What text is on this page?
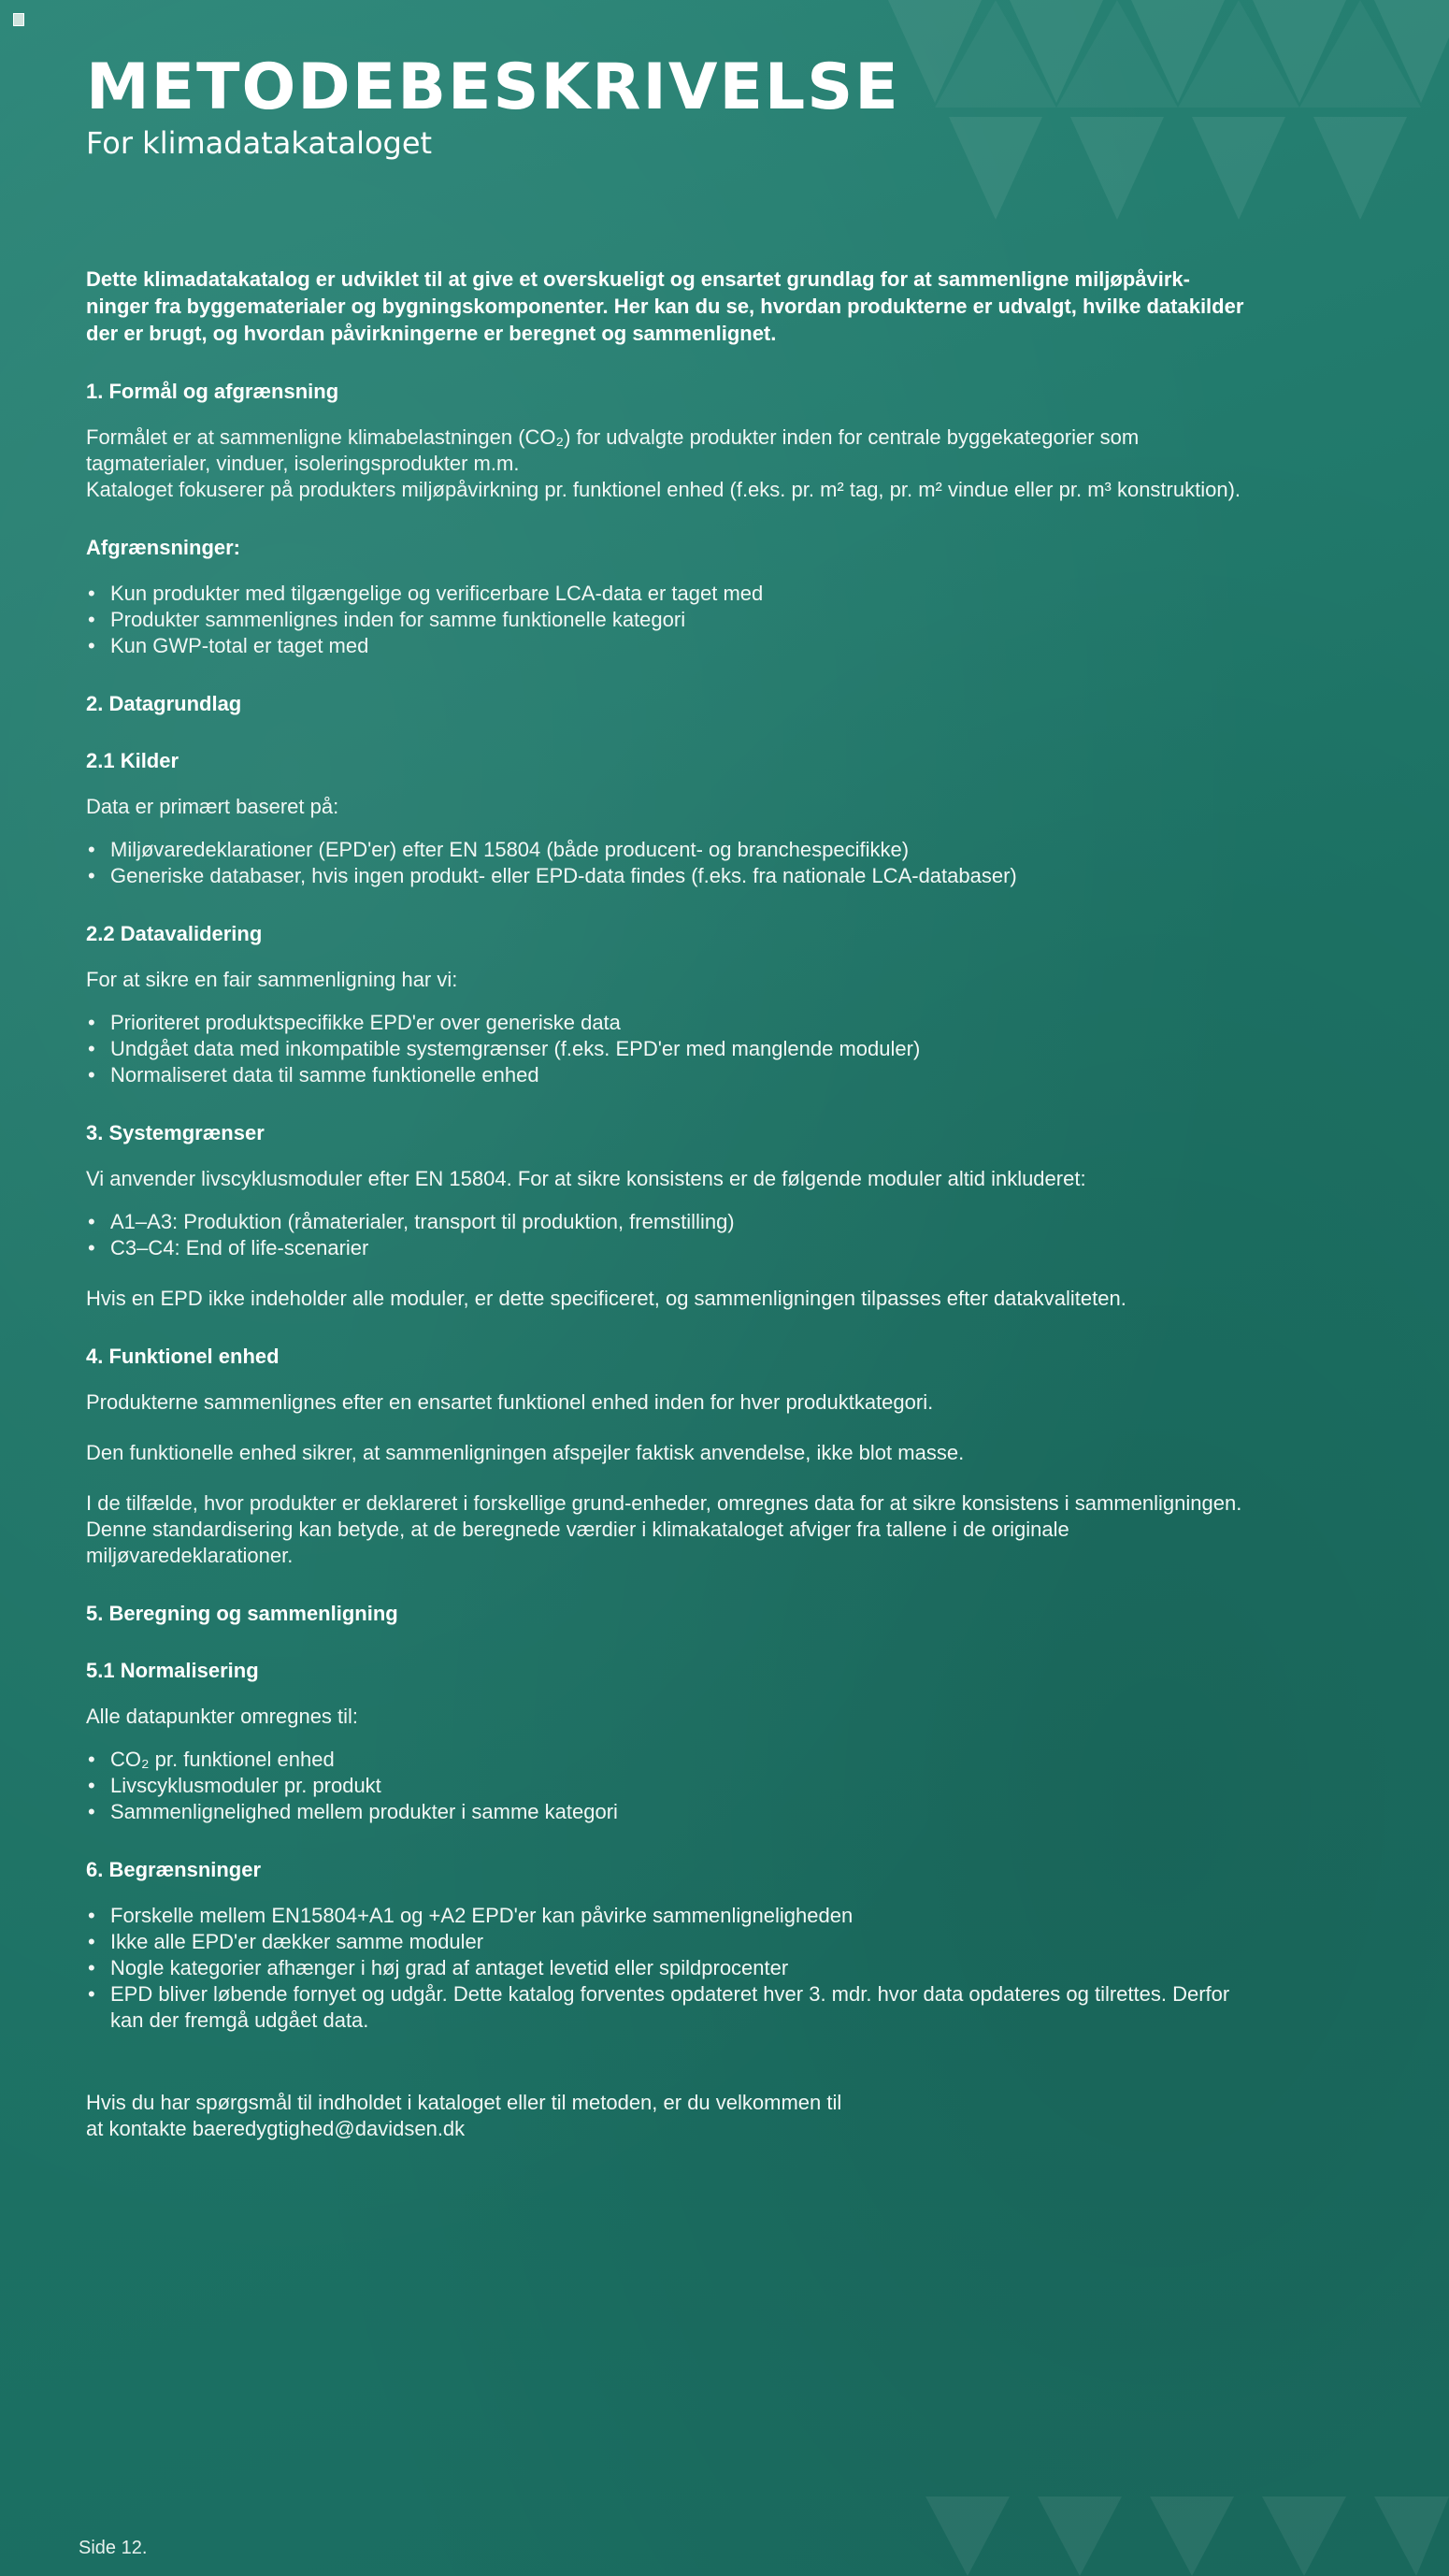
METODEBESKRIVELSE
For klimadatakataloget
Dette klimadatakatalog er udviklet til at give et overskueligt og ensartet grundlag for at sammenligne miljøpåvirkninger fra byggematerialer og bygningskomponenter. Her kan du se, hvordan produkterne er udvalgt, hvilke datakilder der er brugt, og hvordan påvirkningerne er beregnet og sammenlignet.
1. Formål og afgrænsning

Formålet er at sammenligne klimabelastningen (CO₂) for udvalgte produkter inden for centrale byggekategorier som tagmaterialer, vinduer, isoleringsprodukter m.m.
Kataloget fokuserer på produkters miljøpåvirkning pr. funktionel enhed (f.eks. pr. m² tag, pr. m² vindue eller pr. m³ konstruktion).

Afgrænsninger:
• Kun produkter med tilgængelige og verificerbare LCA-data er taget med
• Produkter sammenlignes inden for samme funktionelle kategori
• Kun GWP-total er taget med
2. Datagrundlag
2.1 Kilder

Data er primært baseret på:

• Miljøvaredeklarationer (EPD'er) efter EN 15804 (både producent- og branchespecifikke)
• Generiske databaser, hvis ingen produkt- eller EPD-data findes (f.eks. fra nationale LCA-databaser)
2.2 Datavalidering

For at sikre en fair sammenligning har vi:

• Prioriteret produktspecifikke EPD'er over generiske data
• Undgået data med inkompatible systemgrænser (f.eks. EPD'er med manglende moduler)
• Normaliseret data til samme funktionelle enhed
3. Systemgrænser

Vi anvender livscyklusmoduler efter EN 15804. For at sikre konsistens er de følgende moduler altid inkluderet:

• A1–A3: Produktion (råmaterialer, transport til produktion, fremstilling)
• C3–C4: End of life-scenarier

Hvis en EPD ikke indeholder alle moduler, er dette specificeret, og sammenligningen tilpasses efter datakvaliteten.

4. Funktionel enhed

Produkterne sammenlignes efter en ensartet funktionel enhed inden for hver produktkategori.

Den funktionelle enhed sikrer, at sammenligningen afspejler faktisk anvendelse, ikke blot masse.

I de tilfælde, hvor produkter er deklareret i forskellige grund-enheder, omregnes data for at sikre konsistens i sammenligningen. Denne standardisering kan betyde, at de beregnede værdier i klimakataloget afviger fra tallene i de originale miljøvaredeklarationer.

5. Beregning og sammenligning
5.1 Normalisering

Alle datapunkter omregnes til:

• CO₂ pr. funktionel enhed
• Livscyklusmoduler pr. produkt
• Sammenlignelighed mellem produkter i samme kategori
6. Begrænsninger
• Forskelle mellem EN15804+A1 og +A2 EPD'er kan påvirke sammenligneligheden
• Ikke alle EPD'er dækker samme moduler
• Nogle kategorier afhænger i høj grad af antaget levetid eller spildprocenter
• EPD bliver løbende fornyet og udgår. Dette katalog forventes opdateret hver 3. mdr. hvor data opdateres og tilrettes. Derfor kan der fremgå udgået data.
Hvis du har spørgsmål til indholdet i kataloget eller til metoden, er du velkommen til
at kontakte baeredygtighed@davidsen.dk
Side 12.
